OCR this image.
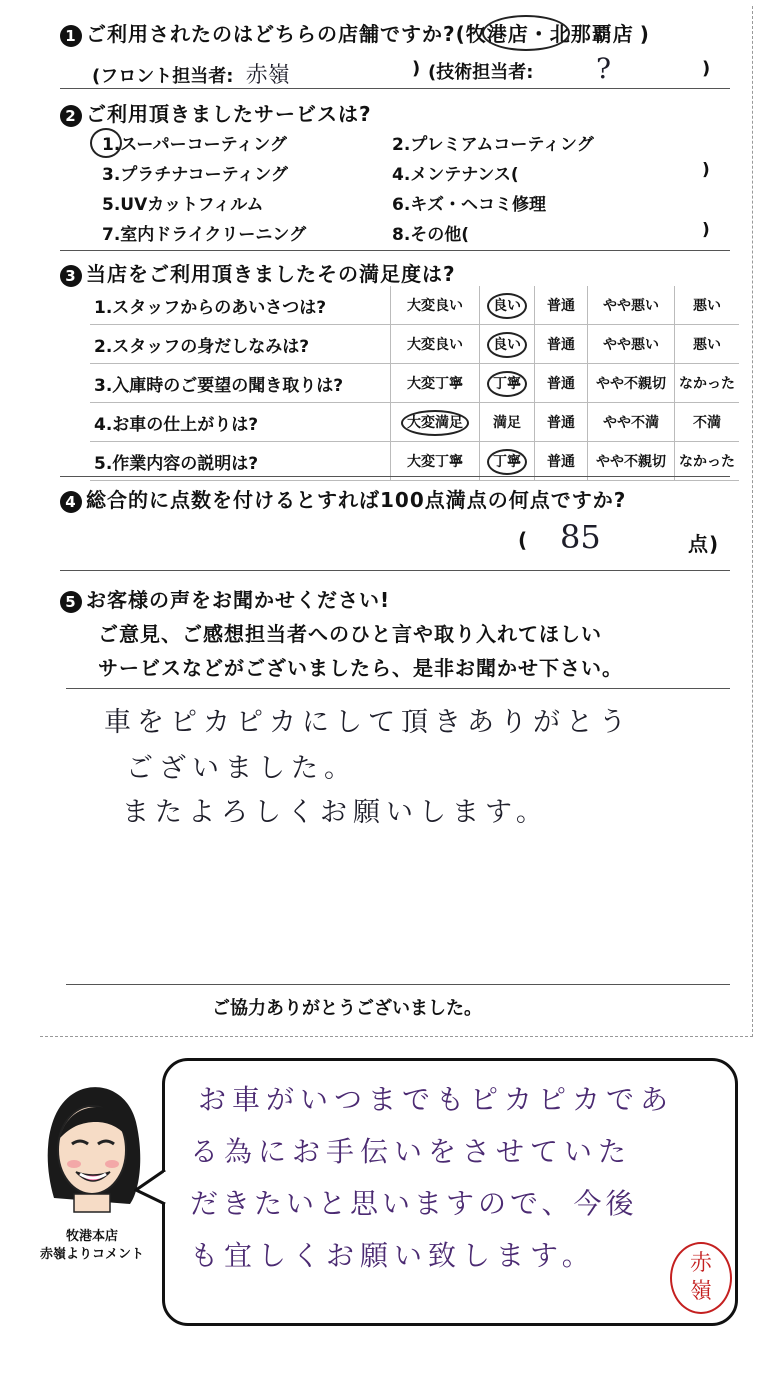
1 ご利用されたのはどちらの店舗ですか?(牧港店・北那覇店 )
(フロント担当者: 赤嶺	) (技術担当者: ?	)
2 ご利用頂きましたサービスは?
1.スーパーコーティング	2.プレミアムコーティング
3.プラチナコーティング	4.メンテナンス(	)
5.UVカットフィルム	6.キズ・ヘコミ修理
7.室内ドライクリーニング	8.その他(	)
3 当店をご利用頂きましたその満足度は?
1.スタッフからのあいさつは?	大変良い	良い	普通	やや悪い	悪い
2.スタッフの身だしなみは?	大変良い	良い	普通	やや悪い	悪い
3.入庫時のご要望の聞き取りは?	大変丁寧	丁寧	普通	やや不親切	なかった
4.お車の仕上がりは?	大変満足	満足	普通	やや不満	不満
5.作業内容の説明は?	大変丁寧	丁寧	普通	やや不親切	なかった
4 総合的に点数を付けるとすれば100点満点の何点ですか?
( 85	点)
5 お客様の声をお聞かせください!
ご意見、ご感想担当者へのひと言や取り入れてほしい
サービスなどがございましたら、是非お聞かせ下さい。
車をピカピカにして頂きありがとう
ございました。
またよろしくお願いします。
ご協力ありがとうございました。
牧港本店
赤嶺よりコメント
お車がいつまでもピカピカであ
る為にお手伝いをさせていた
だきたいと思いますので、今後
も宜しくお願い致します。	赤
嶺
